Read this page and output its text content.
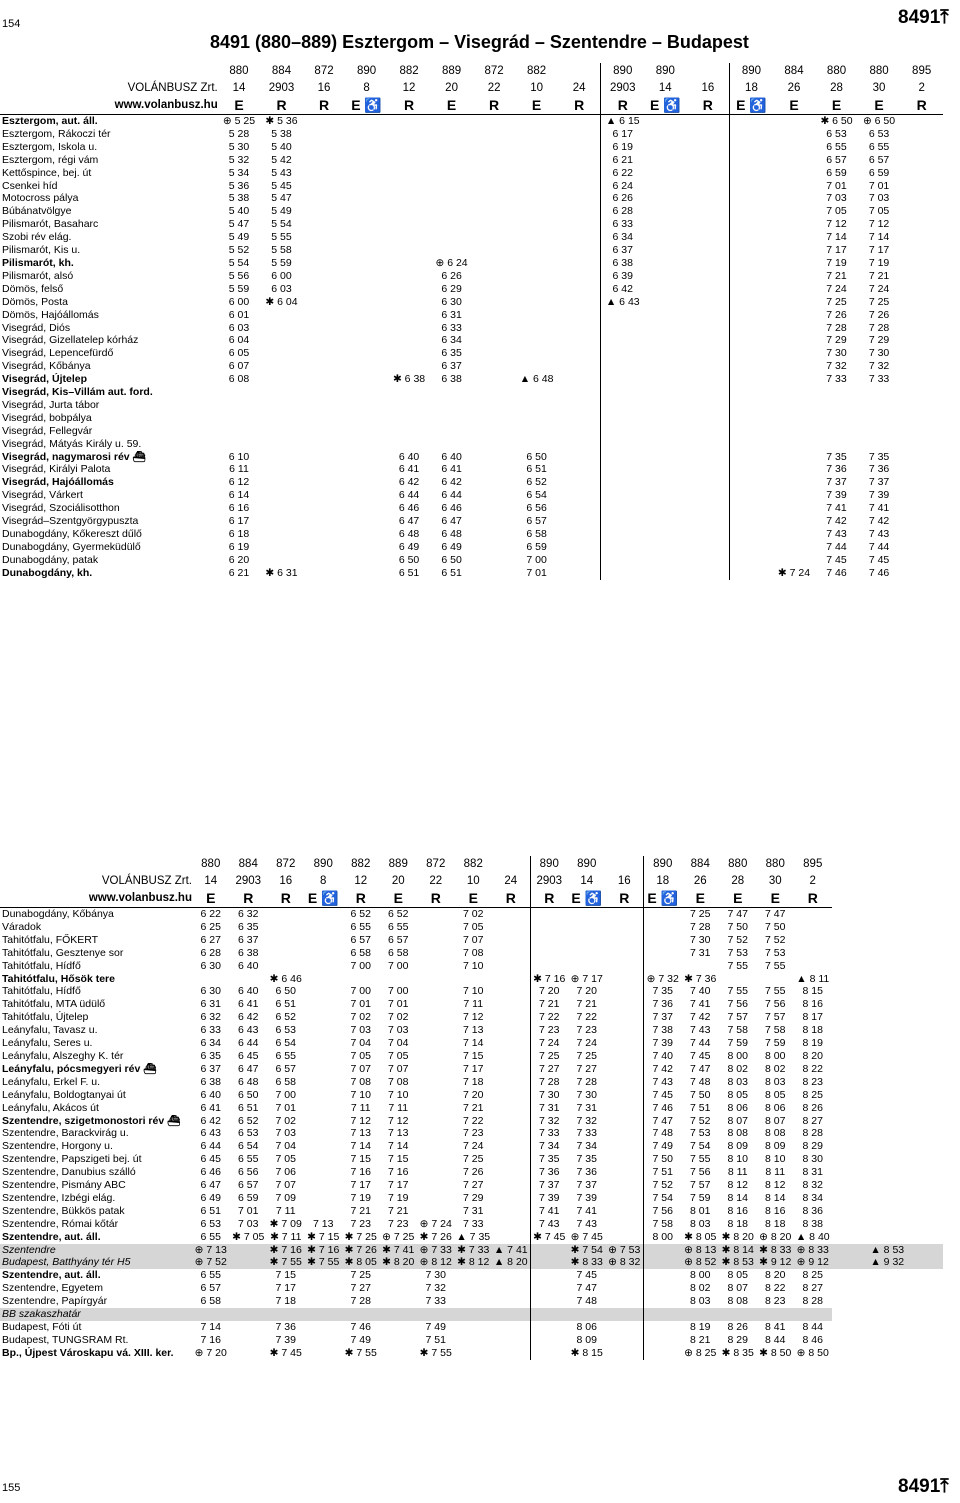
154	8491⤒
8491 (880–889) Esztergom – Visegrád – Szentendre – Budapest
	880	884	872	890	882	889	872	882		890	890		890	884	880	880	895
VOLÁNBUSZ Zrt.	14	2903	16	8	12	20	22	10	24	2903	14	16	18	26	28	30	2
www.volanbusz.hu	E	R	R	E ♿	R	E	R	E	R	R	E ♿	R	E ♿	E	E	E	R
Esztergom, aut. áll.	⊕ 5 25	✱ 5 36								▲ 6 15					✱ 6 50	⊕ 6 50	
Esztergom, Rákoczi tér	5 28	5 38								6 17					6 53	6 53	
Esztergom, Iskola u.	5 30	5 40								6 19					6 55	6 55	
Esztergom, régi vám	5 32	5 42								6 21					6 57	6 57	
Kettőspince, bej. út	5 34	5 43								6 22					6 59	6 59	
Csenkei híd	5 36	5 45								6 24					7 01	7 01	
Motocross pálya	5 38	5 47								6 26					7 03	7 03	
Búbánatvölgye	5 40	5 49								6 28					7 05	7 05	
Pilismarót, Basaharc	5 47	5 54								6 33					7 12	7 12	
Szobi rév elág.	5 49	5 55								6 34					7 14	7 14	
Pilismarót, Kis u.	5 52	5 58								6 37					7 17	7 17	
Pilismarót, kh.	5 54	5 59				⊕ 6 24				6 38					7 19	7 19	
Pilismarót, alsó	5 56	6 00				6 26				6 39					7 21	7 21	
Dömös, felső	5 59	6 03				6 29				6 42					7 24	7 24	
Dömös, Posta	6 00	✱ 6 04				6 30				▲ 6 43					7 25	7 25	
Dömös, Hajóállomás	6 01					6 31									7 26	7 26	
Visegrád, Diós	6 03					6 33									7 28	7 28	
Visegrád, Gizellatelep kórház	6 04					6 34									7 29	7 29	
Visegrád, Lepencefürdő	6 05					6 35									7 30	7 30	
Visegrád, Kőbánya	6 07					6 37									7 32	7 32	
Visegrád, Újtelep	6 08				✱ 6 38	6 38		▲ 6 48							7 33	7 33	
Visegrád, Kis–Villám aut. ford.																	
Visegrád, Jurta tábor																	
Visegrád, bobpálya																	
Visegrád, Fellegvár																	
Visegrád, Mátyás Király u. 59.																	
Visegrád, nagymarosi rév ⛴	6 10				6 40	6 40		6 50							7 35	7 35	
Visegrád, Királyi Palota	6 11				6 41	6 41		6 51							7 36	7 36	
Visegrád, Hajóállomás	6 12				6 42	6 42		6 52							7 37	7 37	
Visegrád, Várkert	6 14				6 44	6 44		6 54							7 39	7 39	
Visegrád, Szociálisotthon	6 16				6 46	6 46		6 56							7 41	7 41	
Visegrád–Szentgyörgypuszta	6 17				6 47	6 47		6 57							7 42	7 42	
Dunabogdány, Kőkereszt dűlő	6 18				6 48	6 48		6 58							7 43	7 43	
Dunabogdány, Gyermeküdülő	6 19				6 49	6 49		6 59							7 44	7 44	
Dunabogdány, patak	6 20				6 50	6 50		7 00							7 45	7 45	
Dunabogdány, kh.	6 21	✱ 6 31			6 51	6 51		7 01						✱ 7 24	7 46	7 46	
	880	884	872	890	882	889	872	882		890	890		890	884	880	880	895	
VOLÁNBUSZ Zrt.	14	2903	16	8	12	20	22	10	24	2903	14	16	18	26	28	30	2	
www.volanbusz.hu	E	R	R	E ♿	R	E	R	E	R	R	E ♿	R	E ♿	E	E	E	R	
Dunabogdány, Kőbánya	6 22	6 32			6 52	6 52		7 02						7 25	7 47	7 47		
Váradok	6 25	6 35			6 55	6 55		7 05						7 28	7 50	7 50		
Tahitótfalu, FŐKERT	6 27	6 37			6 57	6 57		7 07						7 30	7 52	7 52		
Tahitótfalu, Gesztenye sor	6 28	6 38			6 58	6 58		7 08						7 31	7 53	7 53		
Tahitótfalu, Hídfő	6 30	6 40			7 00	7 00		7 10							7 55	7 55		
Tahitótfalu, Hősök tere			✱ 6 46							✱ 7 16	⊕ 7 17		⊕ 7 32	✱ 7 36			▲ 8 11	
Tahitótfalu, Hídfő	6 30	6 40	6 50		7 00	7 00		7 10		7 20	7 20		7 35	7 40	7 55	7 55	8 15	
Tahitótfalu, MTA üdülő	6 31	6 41	6 51		7 01	7 01		7 11		7 21	7 21		7 36	7 41	7 56	7 56	8 16	
Tahitótfalu, Újtelep	6 32	6 42	6 52		7 02	7 02		7 12		7 22	7 22		7 37	7 42	7 57	7 57	8 17	
Leányfalu, Tavasz u.	6 33	6 43	6 53		7 03	7 03		7 13		7 23	7 23		7 38	7 43	7 58	7 58	8 18	
Leányfalu, Seres u.	6 34	6 44	6 54		7 04	7 04		7 14		7 24	7 24		7 39	7 44	7 59	7 59	8 19	
Leányfalu, Alszeghy K. tér	6 35	6 45	6 55		7 05	7 05		7 15		7 25	7 25		7 40	7 45	8 00	8 00	8 20	
Leányfalu, pócsmegyeri rév ⛴	6 37	6 47	6 57		7 07	7 07		7 17		7 27	7 27		7 42	7 47	8 02	8 02	8 22	
Leányfalu, Erkel F. u.	6 38	6 48	6 58		7 08	7 08		7 18		7 28	7 28		7 43	7 48	8 03	8 03	8 23	
Leányfalu, Boldogtanyai út	6 40	6 50	7 00		7 10	7 10		7 20		7 30	7 30		7 45	7 50	8 05	8 05	8 25	
Leányfalu, Akácos út	6 41	6 51	7 01		7 11	7 11		7 21		7 31	7 31		7 46	7 51	8 06	8 06	8 26	
Szentendre, szigetmonostori rév ⛴	6 42	6 52	7 02		7 12	7 12		7 22		7 32	7 32		7 47	7 52	8 07	8 07	8 27	
Szentendre, Barackvirág u.	6 43	6 53	7 03		7 13	7 13		7 23		7 33	7 33		7 48	7 53	8 08	8 08	8 28	
Szentendre, Horgony u.	6 44	6 54	7 04		7 14	7 14		7 24		7 34	7 34		7 49	7 54	8 09	8 09	8 29	
Szentendre, Papszigeti bej. út	6 45	6 55	7 05		7 15	7 15		7 25		7 35	7 35		7 50	7 55	8 10	8 10	8 30	
Szentendre, Danubius szálló	6 46	6 56	7 06		7 16	7 16		7 26		7 36	7 36		7 51	7 56	8 11	8 11	8 31	
Szentendre, Pismány ABC	6 47	6 57	7 07		7 17	7 17		7 27		7 37	7 37		7 52	7 57	8 12	8 12	8 32	
Szentendre, Izbégi elág.	6 49	6 59	7 09		7 19	7 19		7 29		7 39	7 39		7 54	7 59	8 14	8 14	8 34	
Szentendre, Bükkös patak	6 51	7 01	7 11		7 21	7 21		7 31		7 41	7 41		7 56	8 01	8 16	8 16	8 36	
Szentendre, Római kőtár	6 53	7 03	✱ 7 09	7 13	7 23	7 23	⊕ 7 24	7 33		7 43	7 43		7 58	8 03	8 18	8 18	8 38	
Szentendre, aut. áll.	6 55	✱ 7 05	✱ 7 11	✱ 7 15	✱ 7 25	⊕ 7 25	✱ 7 26	▲ 7 35		✱ 7 45	⊕ 7 45		8 00	✱ 8 05	✱ 8 20	⊕ 8 20	▲ 8 40	
Szentendre	⊕ 7 13		✱ 7 16	✱ 7 16	✱ 7 26	✱ 7 41	⊕ 7 33	✱ 7 33	▲ 7 41		✱ 7 54	⊕ 7 53		⊕ 8 13	✱ 8 14	✱ 8 33	⊕ 8 33	▲ 8 53
Budapest, Batthyány tér H5	⊕ 7 52		✱ 7 55	✱ 7 55	✱ 8 05	✱ 8 20	⊕ 8 12	✱ 8 12	▲ 8 20		✱ 8 33	⊕ 8 32		⊕ 8 52	✱ 8 53	✱ 9 12	⊕ 9 12	▲ 9 32
Szentendre, aut. áll.	6 55		7 15		7 25		7 30				7 45			8 00	8 05	8 20	8 25	
Szentendre, Egyetem	6 57		7 17		7 27		7 32				7 47			8 02	8 07	8 22	8 27	
Szentendre, Papírgyár	6 58		7 18		7 28		7 33				7 48			8 03	8 08	8 23	8 28	
BB szakaszhatár																		
Budapest, Fóti út	7 14		7 36		7 46		7 49				8 06			8 19	8 26	8 41	8 44	
Budapest, TUNGSRAM Rt.	7 16		7 39		7 49		7 51				8 09			8 21	8 29	8 44	8 46	
Bp., Újpest Városkapu vá. XIII. ker.	⊕ 7 20		✱ 7 45		✱ 7 55		✱ 7 55				✱ 8 15			⊕ 8 25	✱ 8 35	✱ 8 50	⊕ 8 50	
155	8491⤒
